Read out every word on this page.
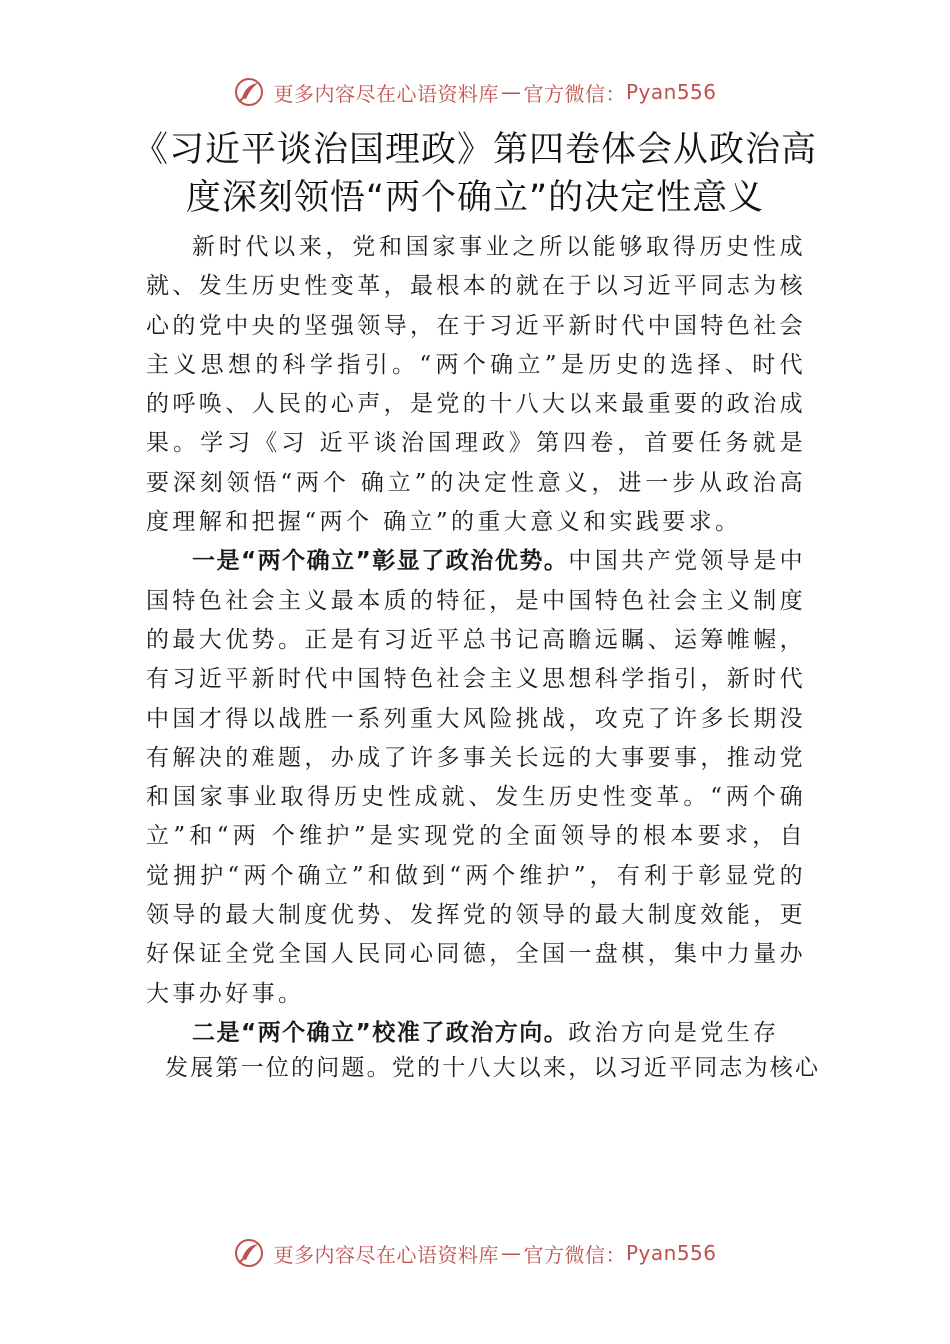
更多内容尽在心语资料库 — 官方微信： Pyan556
《习近平谈治国理政》第四卷体会从政治高
度深刻领悟“两个确立”的决定性意义

新时代以来，党和国家事业之所以能够取得历史性成就、发生历史性变革，最根本的就在于以习近平同志为核心的党中央的坚强领导，在于习近平新时代中国特色社会主义思想的科学指引。“两个确立”是历史的选择、时代的呼唤、人民的心声，是党的十八大以来最重要的政治成果。学习《习 近平谈治国理政》第四卷，首要任务就是要深刻领悟“两个 确立”的决定性意义，进一步从政治高度理解和把握“两个 确立”的重大意义和实践要求。

一是“两个确立”彰显了政治优势。中国共产党领导是中国特色社会主义最本质的特征，是中国特色社会主义制度的最大优势。正是有习近平总书记高瞻远瞩、运筹帷幄，有习近平新时代中国特色社会主义思想科学指引，新时代中国才得以战胜一系列重大风险挑战，攻克了许多长期没有解决的难题，办成了许多事关长远的大事要事，推动党和国家事业取得历史性成就、发生历史性变革。“两个确立”和“两 个维护”是实现党的全面领导的根本要求，自觉拥护“两个确立”和做到“两个维护”，有利于彰显党的领导的最大制度优势、发挥党的领导的最大制度效能，更好保证全党全国人民同心同德，全国一盘棋，集中力量办大事办好事。

二是“两个确立”校准了政治方向。政治方向是党生存

发展第一位的问题。党的十八大以来，以习近平同志为核心
更多内容尽在心语资料库 — 官方微信： Pyan556
